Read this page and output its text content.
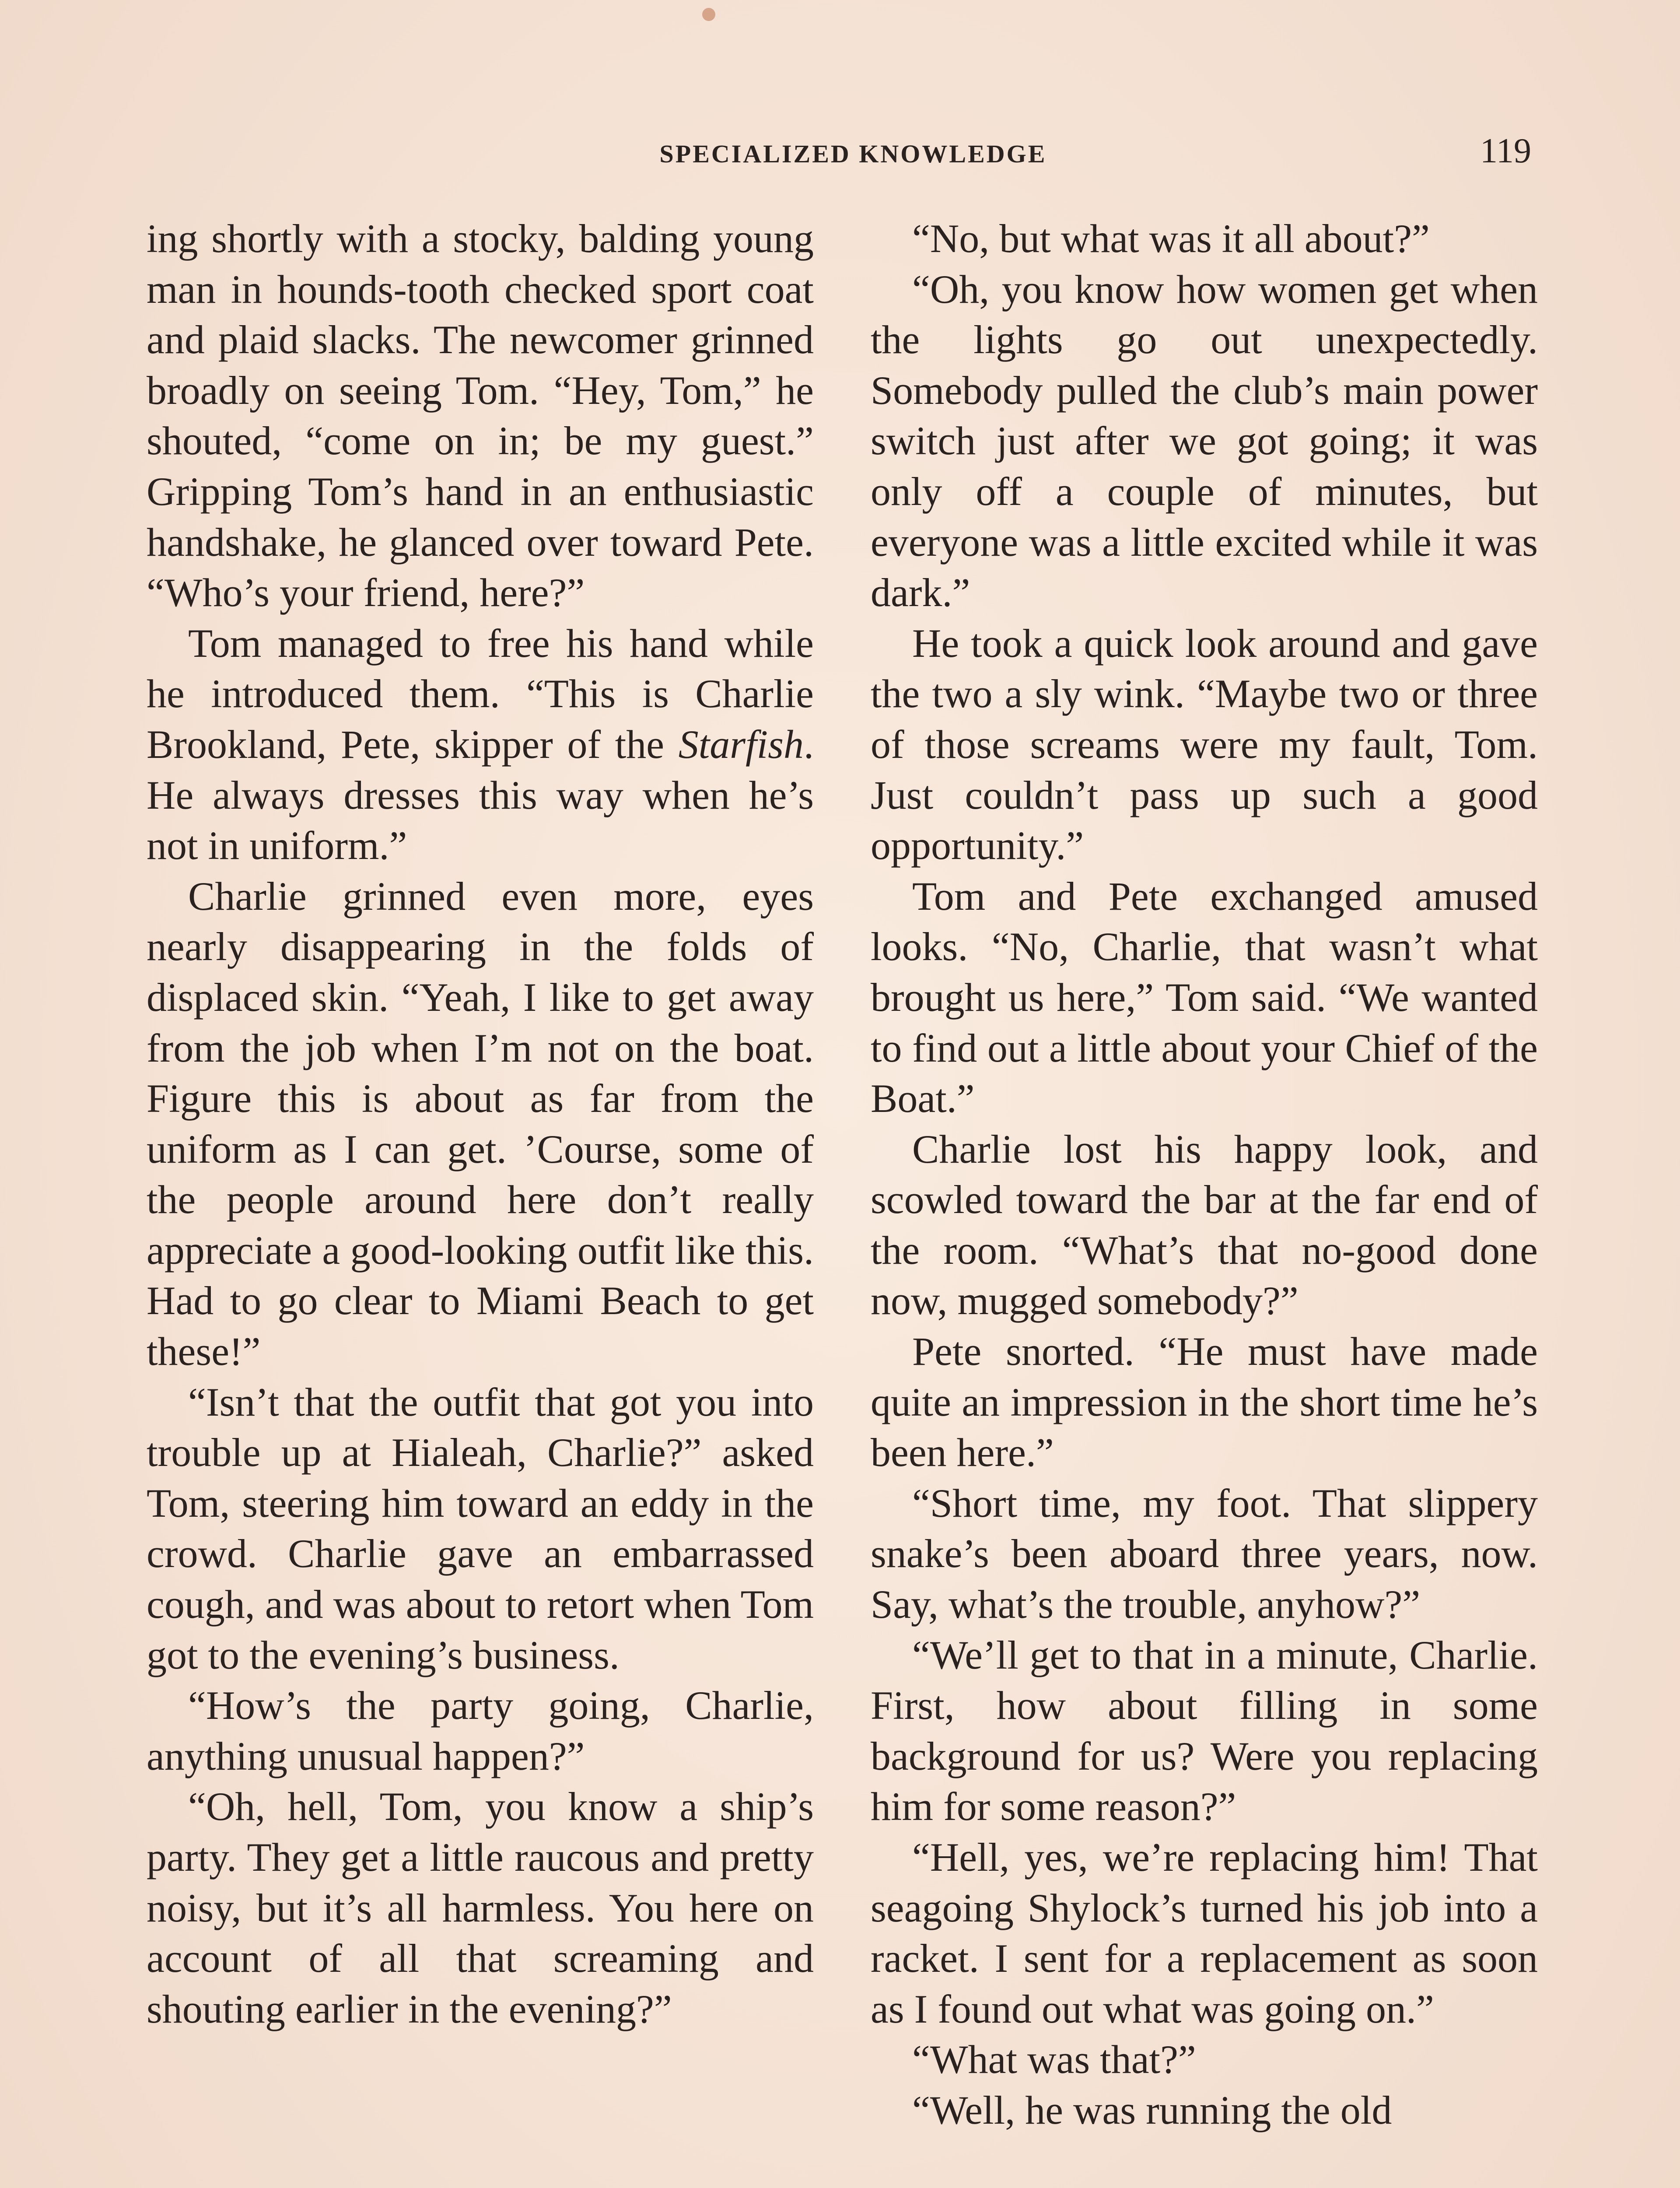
SPECIALIZED KNOWLEDGE	119

ing shortly with a stocky, balding young man in hounds-tooth checked sport coat and plaid slacks. The newcomer grinned broadly on seeing Tom. “Hey, Tom,” he shouted, “come on in; be my guest.” Gripping Tom’s hand in an enthusiastic handshake, he glanced over toward Pete. “Who’s your friend, here?”

Tom managed to free his hand while he introduced them. “This is Charlie Brookland, Pete, skipper of the Starfish. He always dresses this way when he’s not in uniform.”

Charlie grinned even more, eyes nearly disappearing in the folds of displaced skin. “Yeah, I like to get away from the job when I’m not on the boat. Figure this is about as far from the uniform as I can get. ’Course, some of the people around here don’t really appreciate a good-looking outfit like this. Had to go clear to Miami Beach to get these!”

“Isn’t that the outfit that got you into trouble up at Hialeah, Charlie?” asked Tom, steering him toward an eddy in the crowd. Charlie gave an embarrassed cough, and was about to retort when Tom got to the evening’s business.

“How’s the party going, Charlie, anything unusual happen?”

“Oh, hell, Tom, you know a ship’s party. They get a little raucous and pretty noisy, but it’s all harmless. You here on account of all that screaming and shouting earlier in the evening?”

“No, but what was it all about?”

“Oh, you know how women get when the lights go out unexpectedly. Somebody pulled the club’s main power switch just after we got going; it was only off a couple of minutes, but everyone was a little excited while it was dark.”

He took a quick look around and gave the two a sly wink. “Maybe two or three of those screams were my fault, Tom. Just couldn’t pass up such a good opportunity.”

Tom and Pete exchanged amused looks. “No, Charlie, that wasn’t what brought us here,” Tom said. “We wanted to find out a little about your Chief of the Boat.”

Charlie lost his happy look, and scowled toward the bar at the far end of the room. “What’s that no-good done now, mugged somebody?”

Pete snorted. “He must have made quite an impression in the short time he’s been here.”

“Short time, my foot. That slippery snake’s been aboard three years, now. Say, what’s the trouble, anyhow?”

“We’ll get to that in a minute, Charlie. First, how about filling in some background for us? Were you replacing him for some reason?”

“Hell, yes, we’re replacing him! That seagoing Shylock’s turned his job into a racket. I sent for a replacement as soon as I found out what was going on.”

“What was that?”

“Well, he was running the old
